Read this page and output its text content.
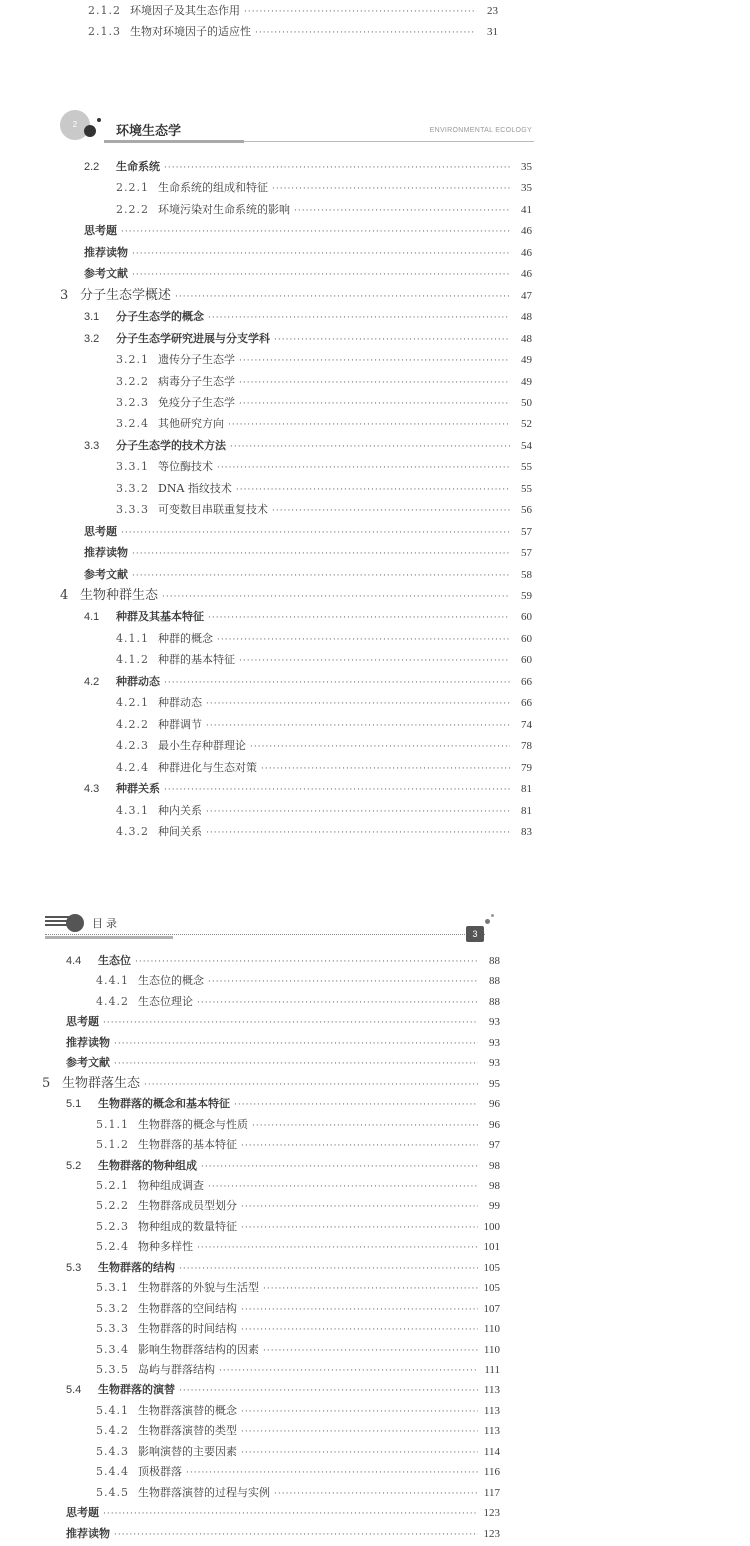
2.1.2 环境因子及其生态作用 ·····	23
2.1.3 生物对环境因子的适应性 ·····	31
2	环境生态学	ENVIRONMENTAL ECOLOGY
2.2	生命系统 ·····	35
2.2.1 生命系统的组成和特征 ·····	35
2.2.2 环境污染对生命系统的影响 ·····	41
思考题 ·····	46
推荐读物 ·····	46
参考文献 ·····	46
3 分子生态学概述 ·····	47
3.1	分子生态学的概念 ·····	48
3.2	分子生态学研究进展与分支学科 ·····	48
3.2.1 遗传分子生态学 ·····	49
3.2.2 病毒分子生态学 ·····	49
3.2.3 免疫分子生态学 ·····	50
3.2.4 其他研究方向 ·····	52
3.3	分子生态学的技术方法 ·····	54
3.3.1 等位酶技术 ·····	55
3.3.2 DNA 指纹技术 ·····	55
3.3.3 可变数目串联重复技术 ·····	56
思考题 ·····	57
推荐读物 ·····	57
参考文献 ·····	58
4 生物种群生态 ·····	59
4.1	种群及其基本特征 ·····	60
4.1.1 种群的概念 ·····	60
4.1.2 种群的基本特征 ·····	60
4.2	种群动态 ·····	66
4.2.1 种群动态 ·····	66
4.2.2 种群调节 ·····	74
4.2.3 最小生存种群理论 ·····	78
4.2.4 种群进化与生态对策 ·····	79
4.3	种群关系 ·····	81
4.3.1 种内关系 ·····	81
4.3.2 种间关系 ·····	83
目 录
3
4.4	生态位 ·····	88
4.4.1 生态位的概念 ·····	88
4.4.2 生态位理论 ·····	88
思考题 ·····	93
推荐读物 ·····	93
参考文献 ·····	93
5 生物群落生态 ·····	95
5.1	生物群落的概念和基本特征 ·····	96
5.1.1 生物群落的概念与性质 ·····	96
5.1.2 生物群落的基本特征 ·····	97
5.2	生物群落的物种组成 ·····	98
5.2.1 物种组成调查 ·····	98
5.2.2 生物群落成员型划分 ·····	99
5.2.3 物种组成的数量特征 ·····	100
5.2.4 物种多样性 ·····	101
5.3	生物群落的结构 ·····	105
5.3.1 生物群落的外貌与生活型 ·····	105
5.3.2 生物群落的空间结构 ·····	107
5.3.3 生物群落的时间结构 ·····	110
5.3.4 影响生物群落结构的因素 ·····	110
5.3.5 岛屿与群落结构 ·····	111
5.4	生物群落的演替 ·····	113
5.4.1 生物群落演替的概念 ·····	113
5.4.2 生物群落演替的类型 ·····	113
5.4.3 影响演替的主要因素 ·····	114
5.4.4 顶极群落 ·····	116
5.4.5 生物群落演替的过程与实例 ·····	117
思考题 ·····	123
推荐读物 ·····	123
